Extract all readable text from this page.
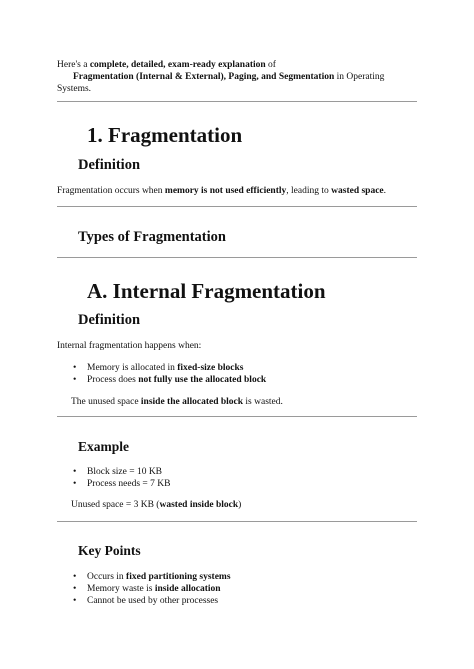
Here's a complete, detailed, exam-ready explanation of
Fragmentation (Internal & External), Paging, and Segmentation in Operating
Systems.
1. Fragmentation
Definition
Fragmentation occurs when memory is not used efficiently, leading to wasted space.
Types of Fragmentation
A. Internal Fragmentation
Definition
Internal fragmentation happens when:
• Memory is allocated in fixed-size blocks
• Process does not fully use the allocated block
The unused space inside the allocated block is wasted.
Example
• Block size = 10 KB
• Process needs = 7 KB
Unused space = 3 KB (wasted inside block)
Key Points
• Occurs in fixed partitioning systems
• Memory waste is inside allocation
• Cannot be used by other processes
